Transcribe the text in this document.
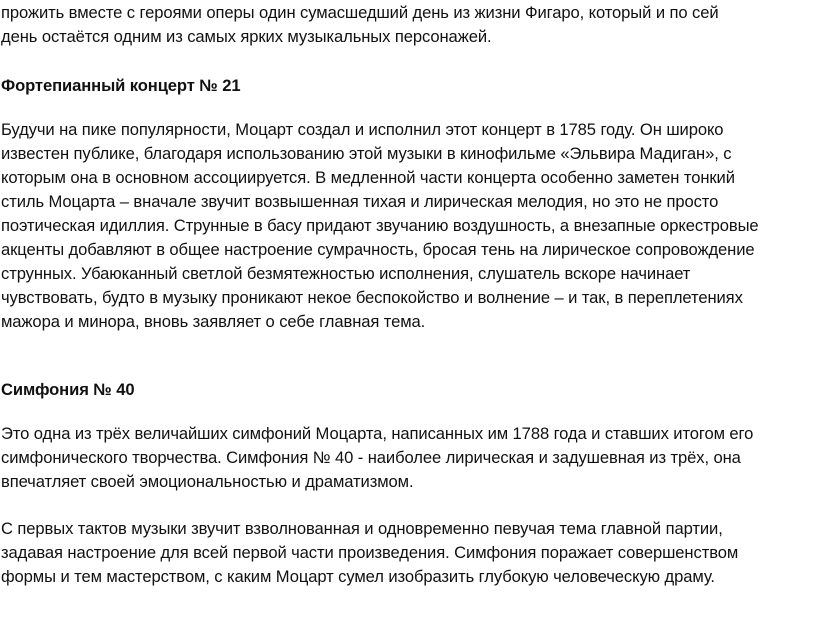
прожить вместе с героями оперы один сумасшедший день из жизни Фигаро, который и по сей
день остаётся одним из самых ярких музыкальных персонажей.
Фортепианный концерт № 21
Будучи на пике популярности, Моцарт создал и исполнил этот концерт в 1785 году. Он широко
известен публике, благодаря использованию этой музыки в кинофильме «Эльвира Мадиган», с
которым она в основном ассоциируется. В медленной части концерта особенно заметен тонкий
стиль Моцарта – вначале звучит возвышенная тихая и лирическая мелодия, но это не просто
поэтическая идиллия. Струнные в басу придают звучанию воздушность, а внезапные оркестровые
акценты добавляют в общее настроение сумрачность, бросая тень на лирическое сопровождение
струнных. Убаюканный светлой безмятежностью исполнения, слушатель вскоре начинает
чувствовать, будто в музыку проникают некое беспокойство и волнение – и так, в переплетениях
мажора и минора, вновь заявляет о себе главная тема.
Симфония № 40
Это одна из трёх величайших симфоний Моцарта, написанных им 1788 года и ставших итогом его
симфонического творчества. Симфония № 40 - наиболее лирическая и задушевная из трёх, она
впечатляет своей эмоциональностью и драматизмом.
С первых тактов музыки звучит взволнованная и одновременно певучая тема главной партии,
задавая настроение для всей первой части произведения. Симфония поражает совершенством
формы и тем мастерством, с каким Моцарт сумел изобразить глубокую человеческую драму.
